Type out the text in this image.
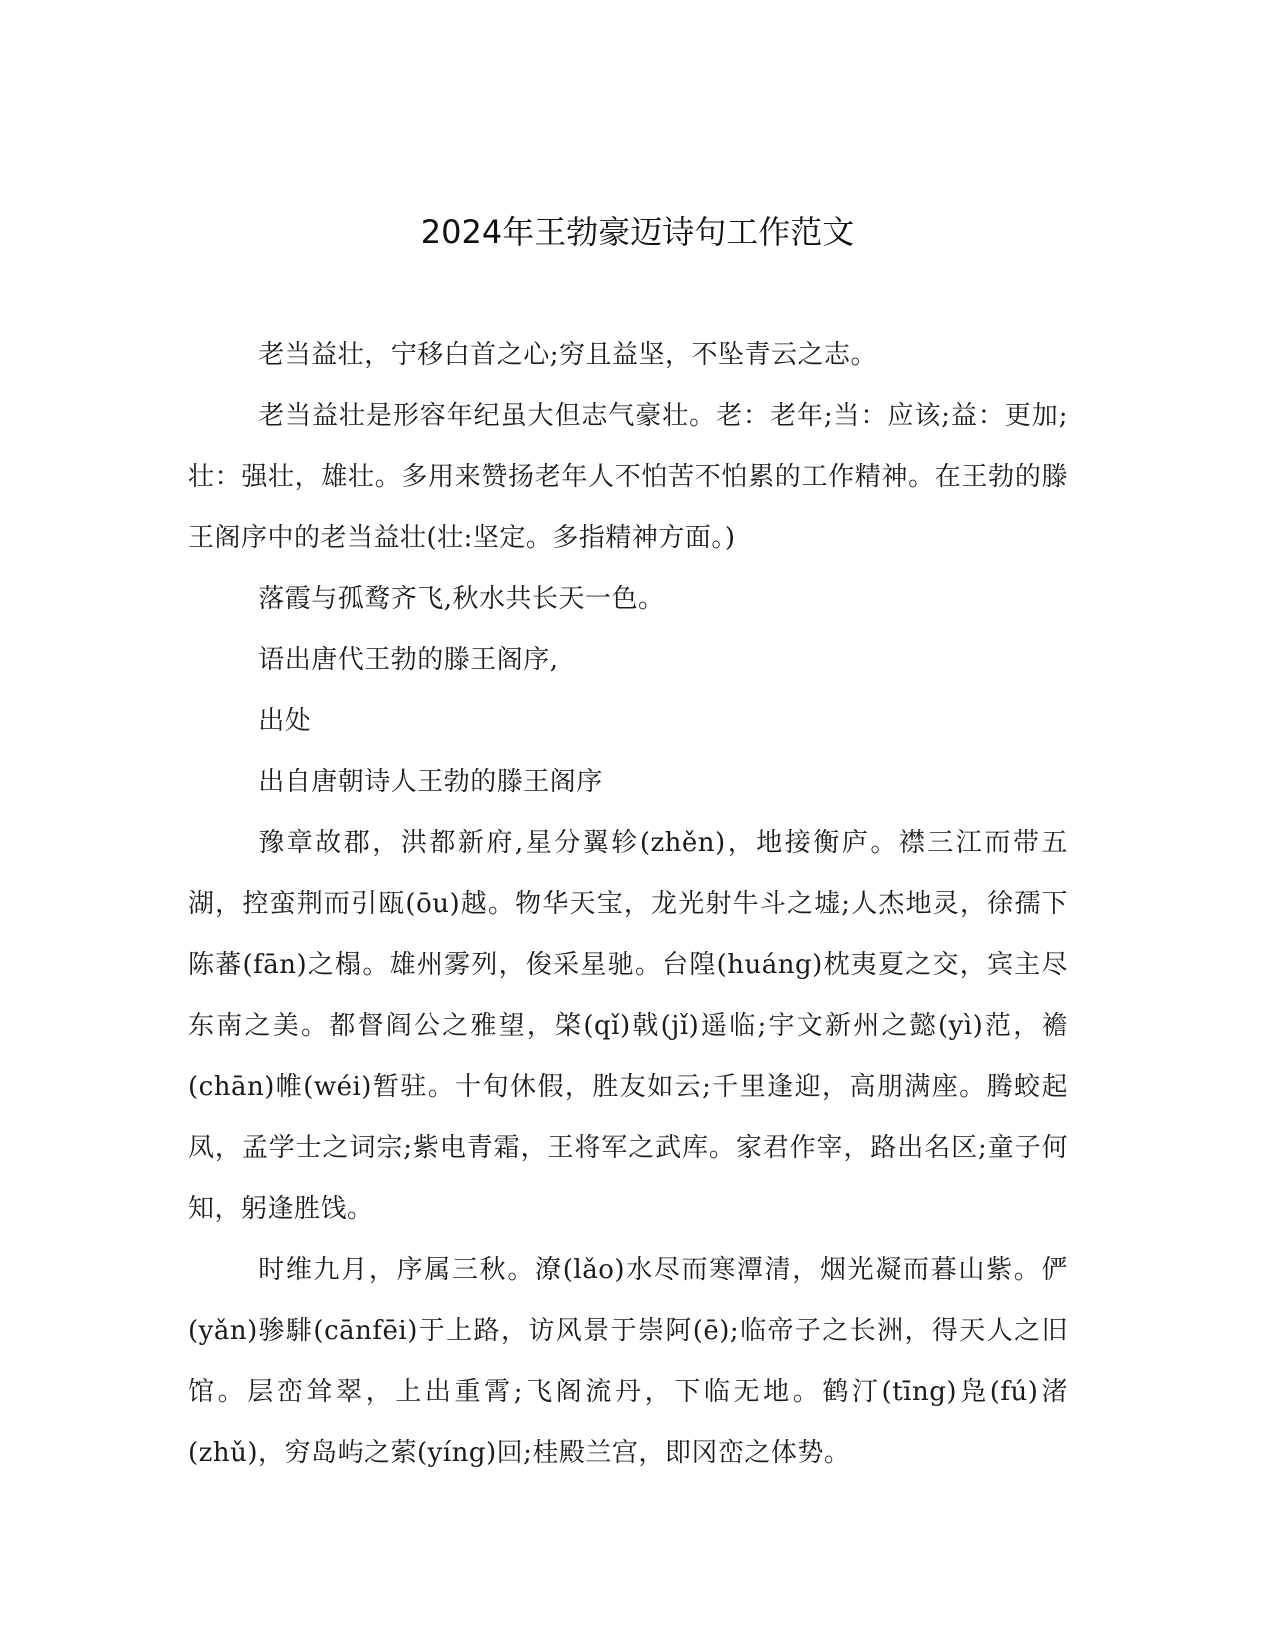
2024年王勃豪迈诗句工作范文

老当益壮，宁移白首之心;穷且益坚，不坠青云之志。

老当益壮是形容年纪虽大但志气豪壮。老：老年;当：应该;益：更加;壮：强壮，雄壮。多用来赞扬老年人不怕苦不怕累的工作精神。在王勃的滕王阁序中的老当益壮(壮:坚定。多指精神方面。)

落霞与孤鹜齐飞,秋水共长天一色。

语出唐代王勃的滕王阁序,

出处

出自唐朝诗人王勃的滕王阁序

豫章故郡，洪都新府,星分翼轸(zhěn)，地接衡庐。襟三江而带五湖，控蛮荆而引瓯(ōu)越。物华天宝，龙光射牛斗之墟;人杰地灵，徐孺下陈蕃(fān)之榻。雄州雾列，俊采星驰。台隍(huáng)枕夷夏之交，宾主尽东南之美。都督阎公之雅望，棨(qǐ)戟(jǐ)遥临;宇文新州之懿(yì)范，襜(chān)帷(wéi)暂驻。十旬休假，胜友如云;千里逢迎，高朋满座。腾蛟起凤，孟学士之词宗;紫电青霜，王将军之武库。家君作宰，路出名区;童子何知，躬逢胜饯。

时维九月，序属三秋。潦(lǎo)水尽而寒潭清，烟光凝而暮山紫。俨(yǎn)骖騑(cānfēi)于上路，访风景于崇阿(ē);临帝子之长洲，得天人之旧馆。层峦耸翠，上出重霄;飞阁流丹，下临无地。鹤汀(tīng)凫(fú)渚(zhǔ)，穷岛屿之萦(yíng)回;桂殿兰宫，即冈峦之体势。
